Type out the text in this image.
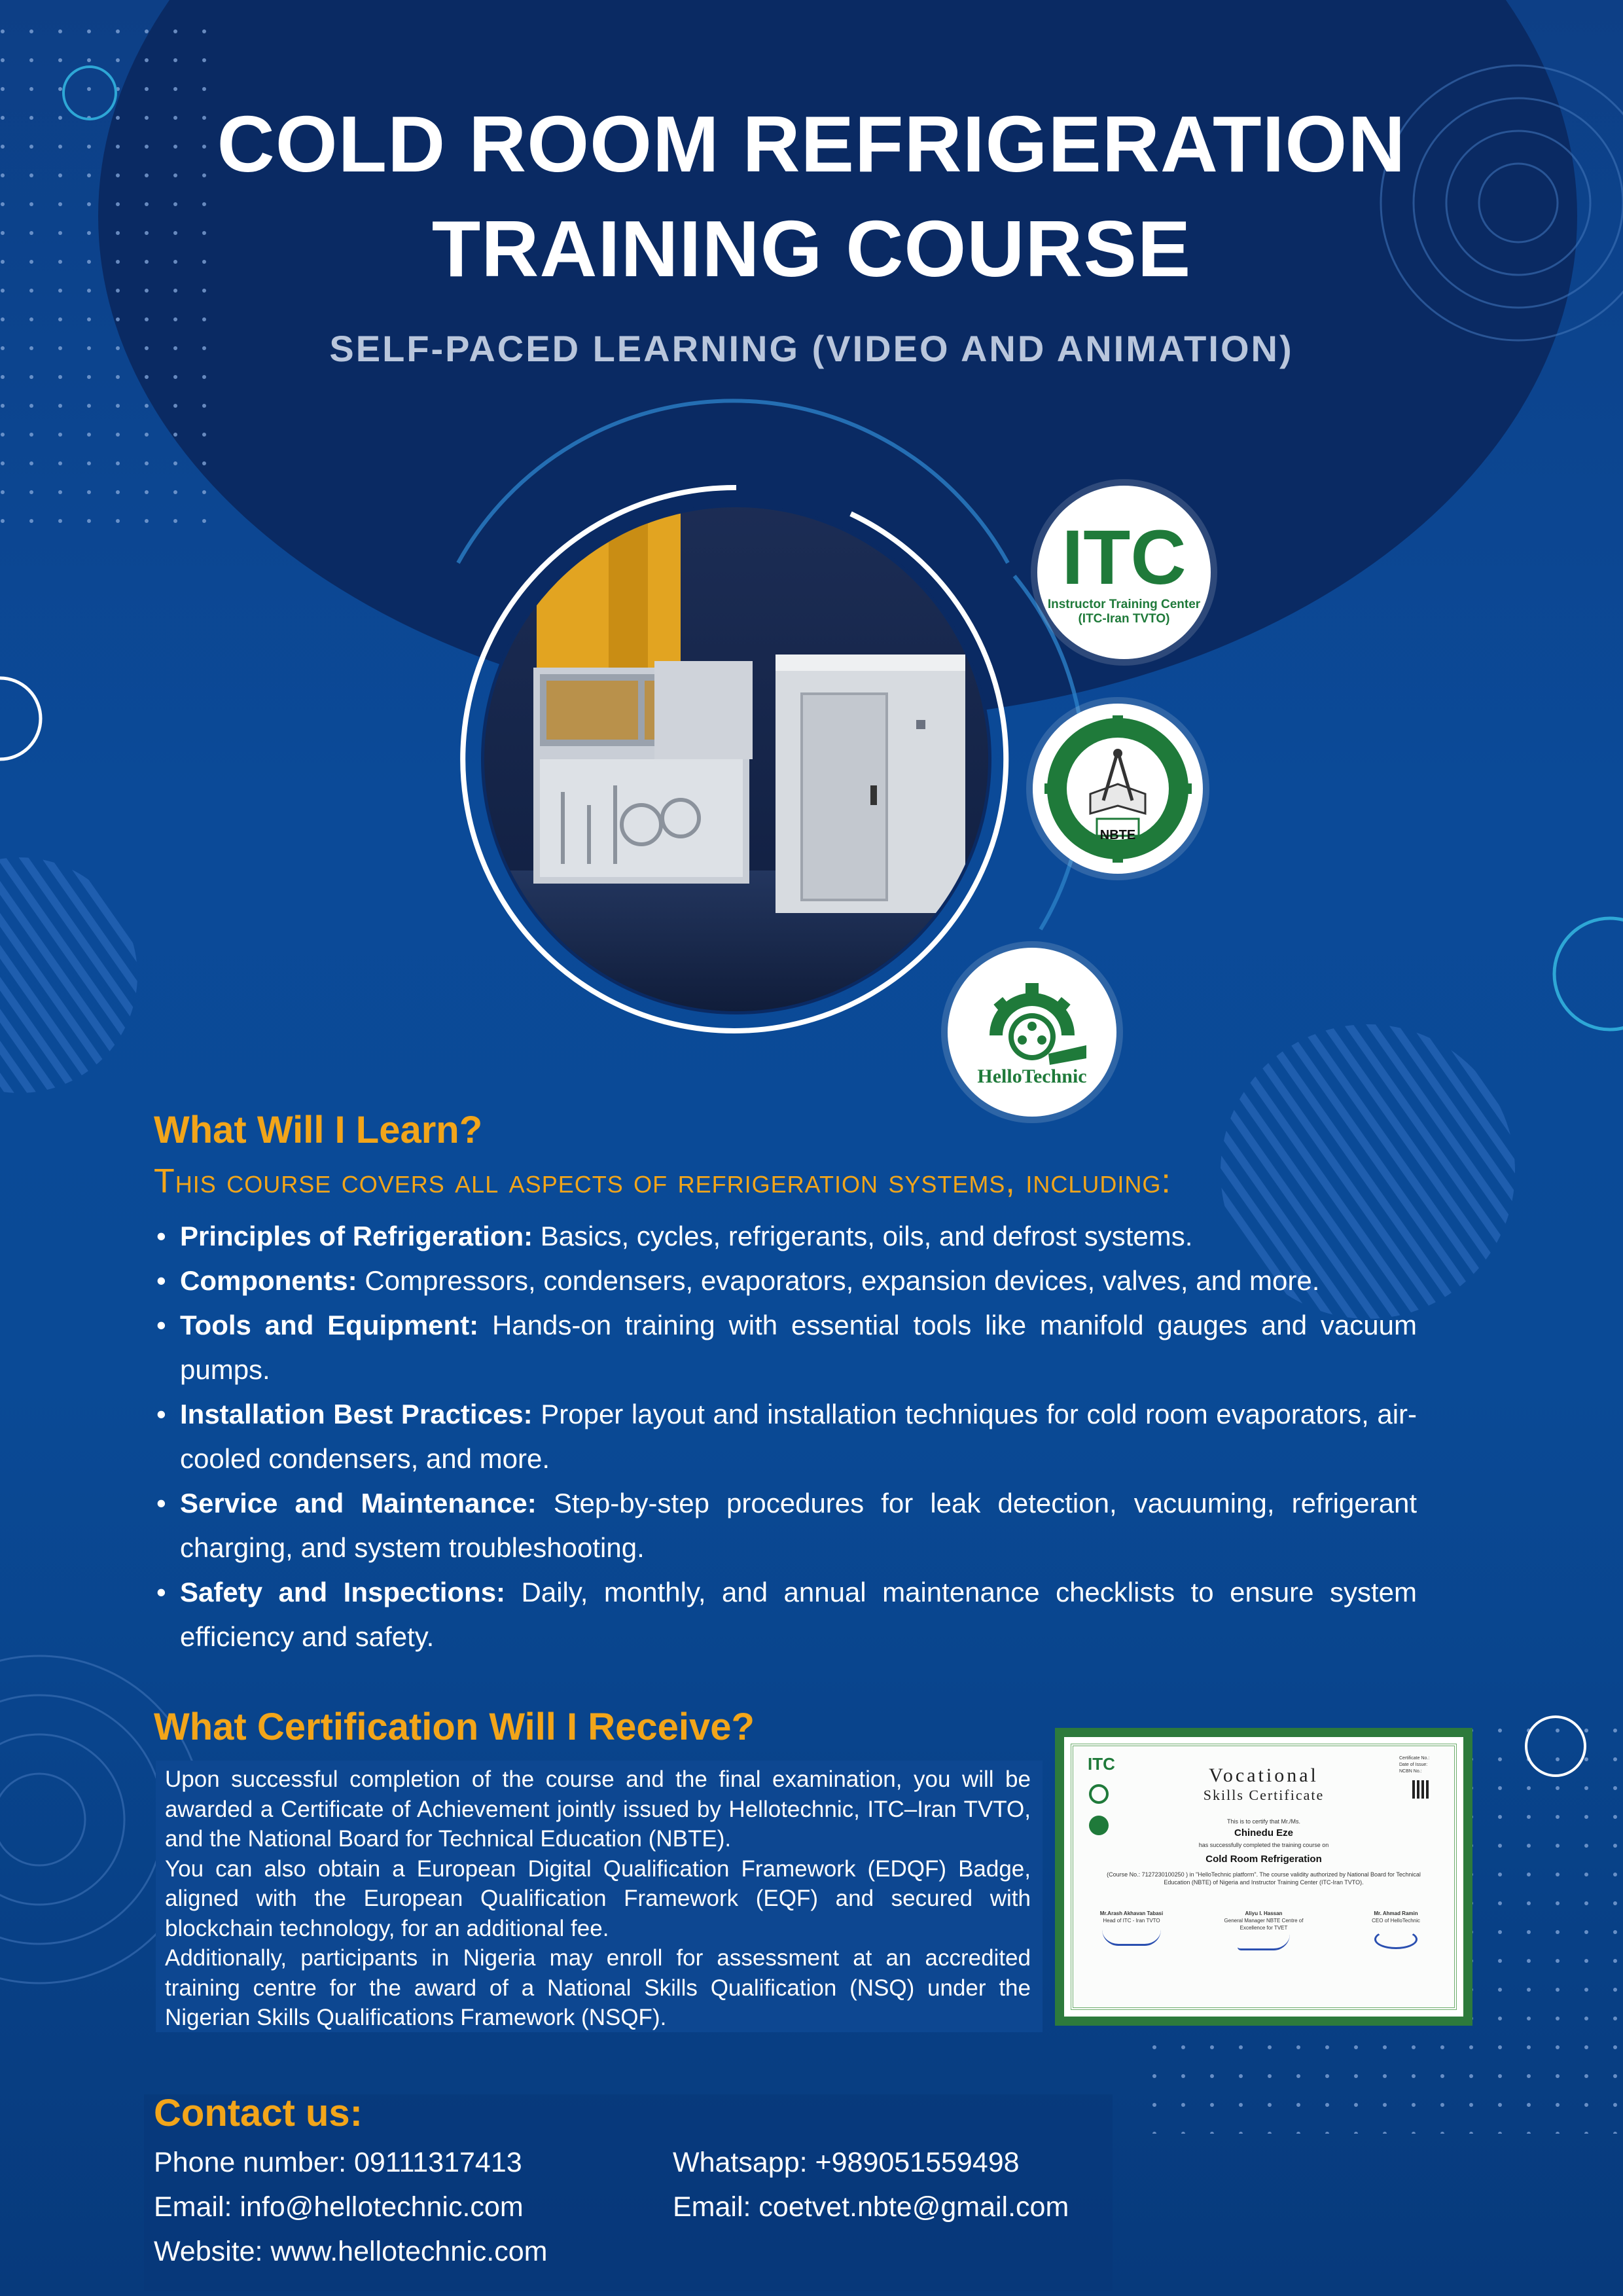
COLD ROOM REFRIGERATION
TRAINING COURSE
SELF-PACED LEARNING (VIDEO AND ANIMATION)
ITC
Instructor Training Center
(ITC-Iran TVTO)
NBTE
HelloTechnic
What Will I Learn?
This course covers all aspects of refrigeration systems, including:
• Principles of Refrigeration: Basics, cycles, refrigerants, oils, and defrost systems.
• Components: Compressors, condensers, evaporators, expansion devices, valves, and more.
• Tools and Equipment: Hands-on training with essential tools like manifold gauges and vacuum pumps.
• Installation Best Practices: Proper layout and installation techniques for cold room evaporators, air-cooled condensers, and more.
• Service and Maintenance: Step-by-step procedures for leak detection, vacuuming, refrigerant charging, and system troubleshooting.
• Safety and Inspections: Daily, monthly, and annual maintenance checklists to ensure system efficiency and safety.
What Certification Will I Receive?

Upon successful completion of the course and the final examination, you will be awarded a Certificate of Achievement jointly issued by Hellotechnic, ITC–Iran TVTO, and the National Board for Technical Education (NBTE).

You can also obtain a European Digital Qualification Framework (EDQF) Badge, aligned with the European Qualification Framework (EQF) and secured with blockchain technology, for an additional fee.

Additionally, participants in Nigeria may enroll for assessment at an accredited training centre for the award of a National Skills Qualification (NSQ) under the Nigerian Skills Qualifications Framework (NSQF).

ITC
Vocational
Skills Certificate
Certificate No.:
Date of Issue:
NCBN No.:
This is to certify that Mr./Ms.
Chinedu Eze
has successfully completed the training course on
Cold Room Refrigeration
(Course No.: 7127230100250 ) in "HelloTechnic platform". The course validity authorized by National Board for Technical Education (NBTE) of Nigeria and Instructor Training Center (ITC-Iran TVTO).
Mr.Arash Akhavan Tabasi
Head of ITC - Iran TVTO
Aliyu I. Hassan
General Manager NBTE Centre of Excellence for TVET
Mr. Ahmad Ramin
CEO of HelloTechnic
Contact us:
Phone number: 09111317413
Email: info@hellotechnic.com
Website: www.hellotechnic.com
Whatsapp: +989051559498
Email: coetvet.nbte@gmail.com
